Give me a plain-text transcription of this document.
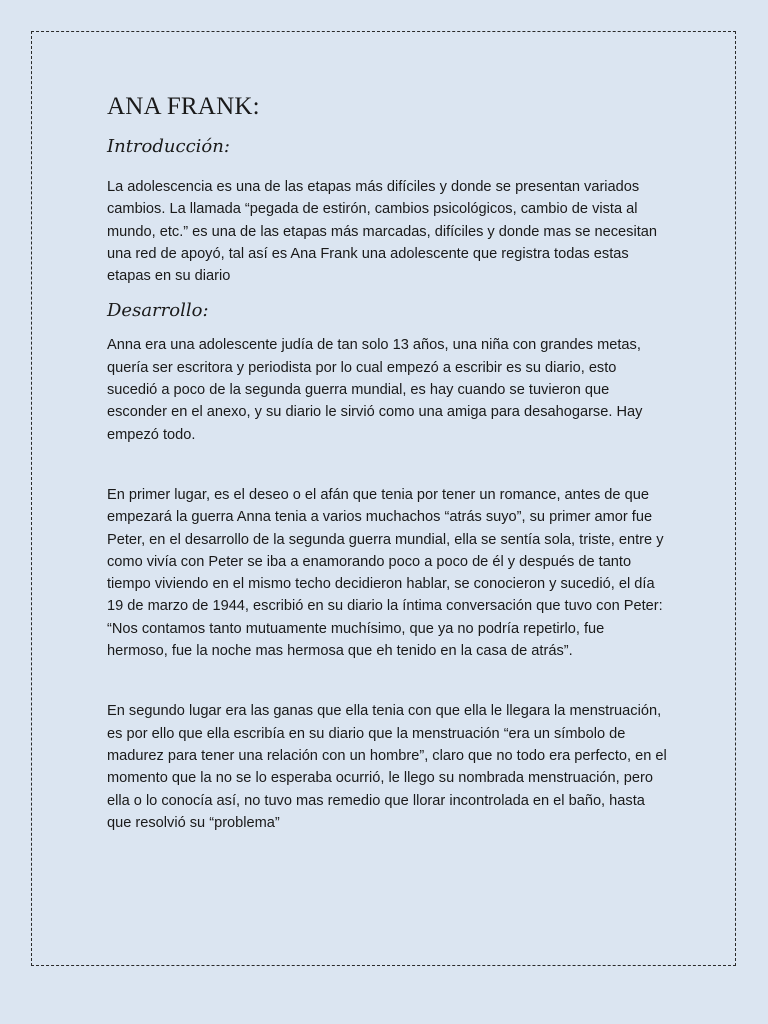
ANA FRANK:
Introducción:

La adolescencia es una de las etapas más difíciles y donde se presentan variados cambios. La llamada “pegada de estirón, cambios psicológicos, cambio de vista al mundo, etc.” es una de las etapas más marcadas, difíciles y donde mas se necesitan una red de apoyó, tal así es Ana Frank una adolescente que registra todas estas etapas en su diario

Desarrollo:

Anna era una adolescente judía de tan solo 13 años, una niña con grandes metas, quería ser escritora y periodista por lo cual empezó a escribir es su diario, esto sucedió a poco de la segunda guerra mundial, es hay cuando se tuvieron que esconder en el anexo, y su diario le sirvió como una amiga para desahogarse. Hay empezó todo.

En primer lugar, es el deseo o el afán que tenia por tener un romance, antes de que empezará la guerra Anna tenia a varios muchachos “atrás suyo”, su primer amor fue Peter, en el desarrollo de la segunda guerra mundial, ella se sentía sola, triste, entre y como vivía con Peter se iba a enamorando poco a poco de él y después de tanto tiempo viviendo en el mismo techo decidieron hablar, se conocieron y sucedió, el día 19 de marzo de 1944, escribió en su diario la íntima conversación que tuvo con Peter: “Nos contamos tanto mutuamente muchísimo, que ya no podría repetirlo, fue hermoso, fue la noche mas hermosa que eh tenido en la casa de atrás”.

En segundo lugar era las ganas que ella tenia con que ella le llegara la menstruación, es por ello que ella escribía en su diario que la menstruación “era un símbolo de madurez para tener una relación con un hombre”, claro que no todo era perfecto, en el momento que la no se lo esperaba ocurrió, le llego su nombrada menstruación, pero ella o lo conocía así, no tuvo mas remedio que llorar incontrolada en el baño, hasta que resolvió su “problema”
